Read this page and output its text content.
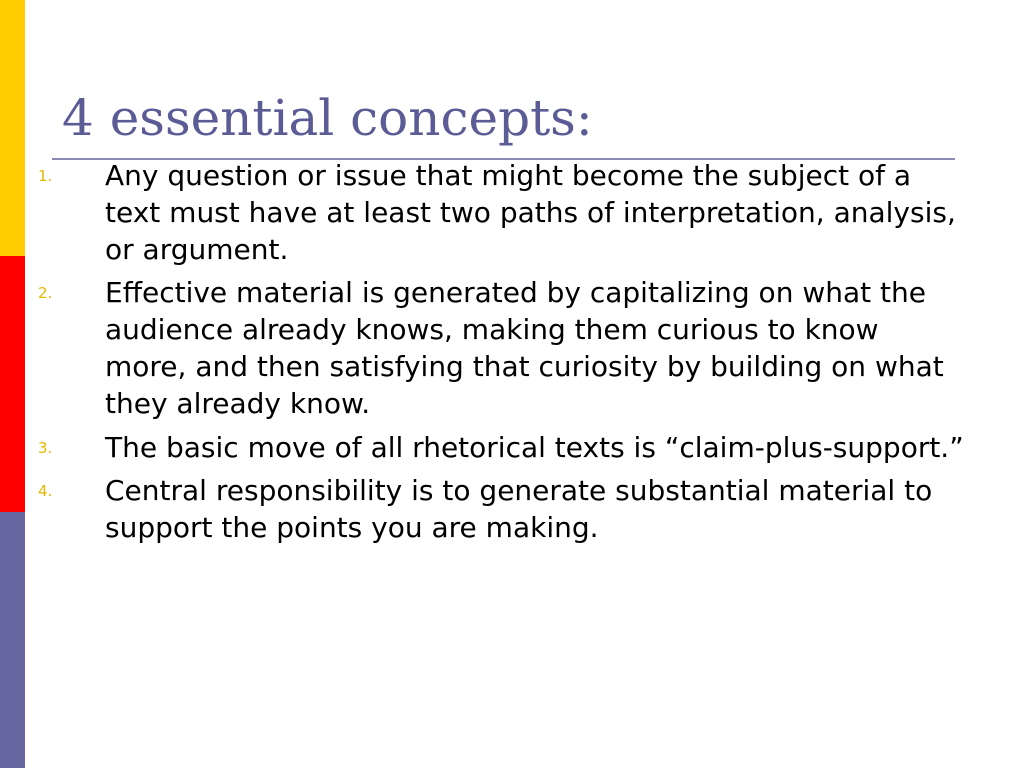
4 essential concepts:
1. Any question or issue that might become the subject of a text must have at least two paths of interpretation, analysis, or argument.
2. Effective material is generated by capitalizing on what the audience already knows, making them curious to know more, and then satisfying that curiosity by building on what they already know.
3. The basic move of all rhetorical texts is “claim-plus-support.”
4. Central responsibility is to generate substantial material to support the points you are making.
